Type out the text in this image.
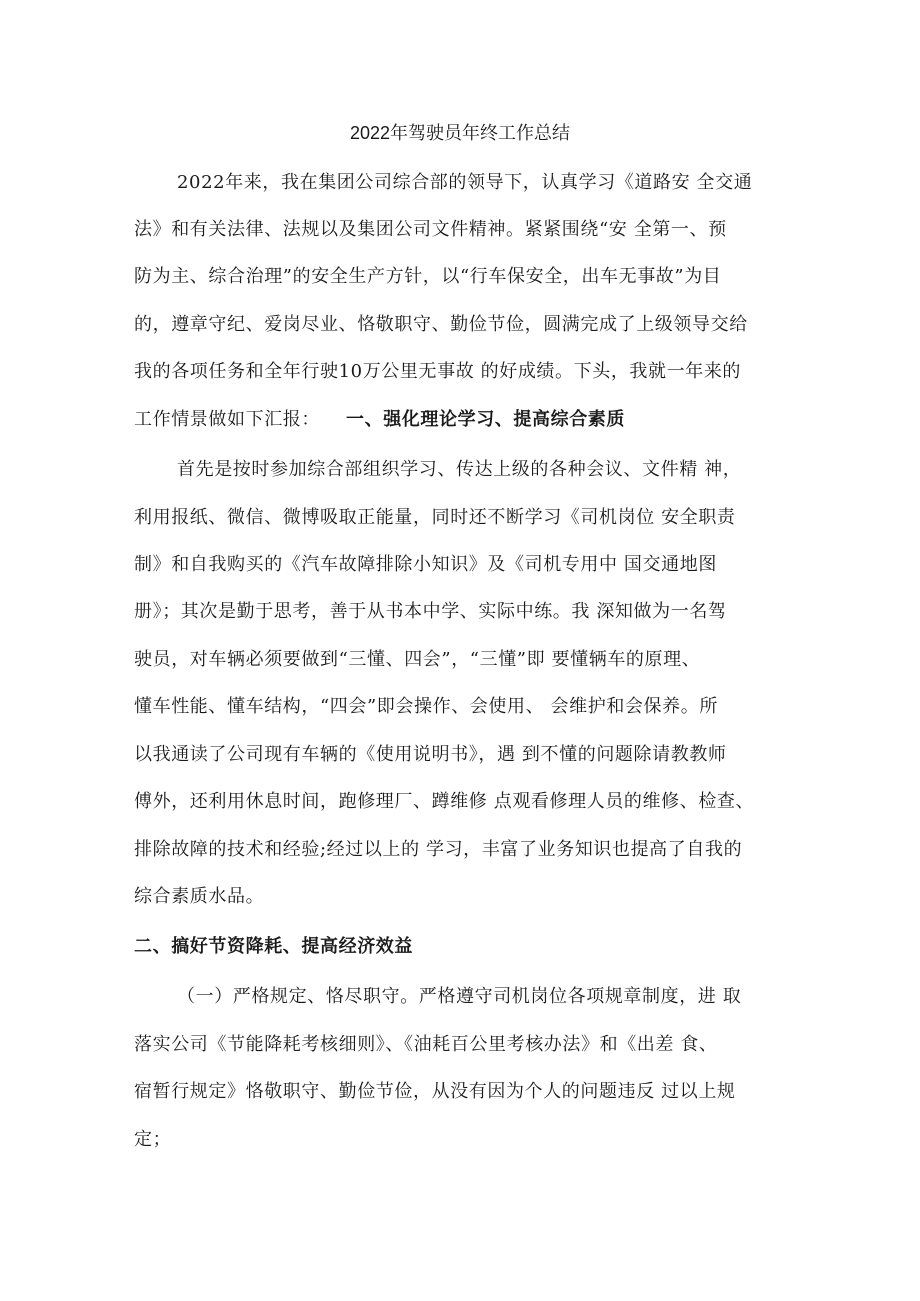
2022年驾驶员年终工作总结
2022年来，我在集团公司综合部的领导下，认真学习《道路安 全交通
法》和有关法律、法规以及集团公司文件精神。紧紧围绕“安 全第一、预
防为主、综合治理”的安全生产方针，以“行车保安全，出车无事故”为目
的，遵章守纪、爱岗尽业、恪敬职守、勤俭节俭，圆满完成了上级领导交给
我的各项任务和全年行驶10万公里无事故 的好成绩。下头，我就一年来的
工作情景做如下汇报： 一、强化理论学习、提高综合素质
首先是按时参加综合部组织学习、传达上级的各种会议、文件精 神，
利用报纸、微信、微博吸取正能量，同时还不断学习《司机岗位 安全职责
制》和自我购买的《汽车故障排除小知识》及《司机专用中 国交通地图
册》；其次是勤于思考，善于从书本中学、实际中练。我 深知做为一名驾
驶员，对车辆必须要做到“三懂、四会”，“三懂”即 要懂辆车的原理、
懂车性能、懂车结构，“四会”即会操作、会使用、 会维护和会保养。所
以我通读了公司现有车辆的《使用说明书》，遇 到不懂的问题除请教教师
傅外，还利用休息时间，跑修理厂、蹲维修 点观看修理人员的维修、检查、
排除故障的技术和经验;经过以上的 学习，丰富了业务知识也提高了自我的
综合素质水品。
二、搞好节资降耗、提高经济效益
（一）严格规定、恪尽职守。严格遵守司机岗位各项规章制度，进 取
落实公司《节能降耗考核细则》、《油耗百公里考核办法》和《出差 食、
宿暂行规定》恪敬职守、勤俭节俭，从没有因为个人的问题违反 过以上规
定；
